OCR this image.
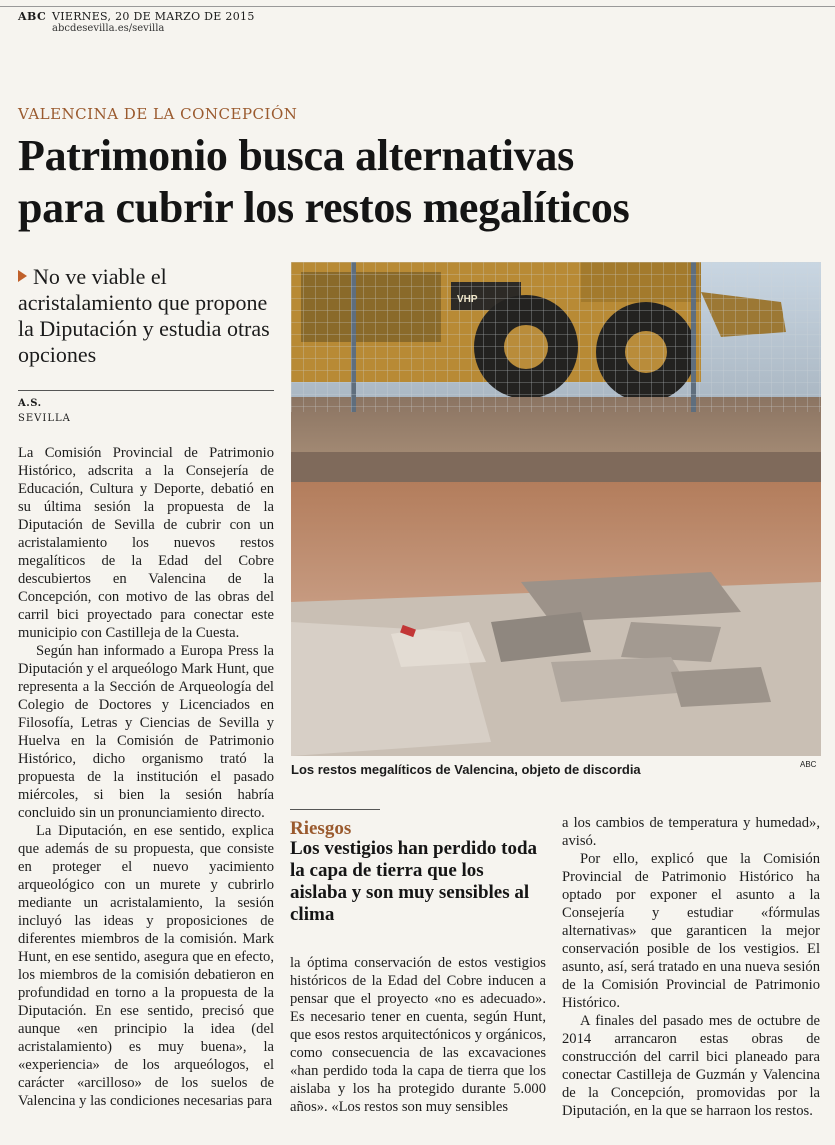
ABC VIERNES, 20 DE MARZO DE 2015
abcdesevilla.es/sevilla
VALENCINA DE LA CONCEPCIÓN
Patrimonio busca alternativas
para cubrir los restos megalíticos
No ve viable el acristalamiento que propone la Diputación y estudia otras opciones
A.S.
SEVILLA

La Comisión Provincial de Patrimonio Histórico, adscrita a la Consejería de Educación, Cultura y Deporte, debatió en su última sesión la propuesta de la Diputación de Sevilla de cubrir con un acristalamiento los nuevos restos megalíticos de la Edad del Cobre descubiertos en Valencina de la Concepción, con motivo de las obras del carril bici proyectado para conectar este municipio con Castilleja de la Cuesta.

Según han informado a Europa Press la Diputación y el arqueólogo Mark Hunt, que representa a la Sección de Arqueología del Colegio de Doctores y Licenciados en Filosofía, Letras y Ciencias de Sevilla y Huelva en la Comisión de Patrimonio Histórico, dicho organismo trató la propuesta de la institución el pasado miércoles, si bien la sesión habría concluido sin un pronunciamiento directo.

La Diputación, en ese sentido, explica que además de su propuesta, que consiste en proteger el nuevo yacimiento arqueológico con un murete y cubrirlo mediante un acristalamiento, la sesión incluyó las ideas y proposiciones de diferentes miembros de la comisión. Mark Hunt, en ese sentido, asegura que en efecto, los miembros de la comisión debatieron en profundidad en torno a la propuesta de la Diputación. En ese sentido, precisó que aunque «en principio la idea (del acristalamiento) es muy buena», la «experiencia» de los arqueólogos, el carácter «arcilloso» de los suelos de Valencina y las condiciones necesarias para

Los restos megalíticos de Valencina, objeto de discordia	ABC
Riesgos
Los vestigios han perdido toda la capa de tierra que los aislaba y son muy sensibles al clima

la óptima conservación de estos vestigios históricos de la Edad del Cobre inducen a pensar que el proyecto «no es adecuado». Es necesario tener en cuenta, según Hunt, que esos restos arquitectónicos y orgánicos, como consecuencia de las excavaciones «han perdido toda la capa de tierra que los aislaba y los ha protegido durante 5.000 años». «Los restos son muy sensibles

a los cambios de temperatura y humedad», avisó.

Por ello, explicó que la Comisión Provincial de Patrimonio Histórico ha optado por exponer el asunto a la Consejería y estudiar «fórmulas alternativas» que garanticen la mejor conservación posible de los vestigios. El asunto, así, será tratado en una nueva sesión de la Comisión Provincial de Patrimonio Histórico.

A finales del pasado mes de octubre de 2014 arrancaron estas obras de construcción del carril bici planeado para conectar Castilleja de Guzmán y Valencina de la Concepción, promovidas por la Diputación, en la que se harraon los restos.
